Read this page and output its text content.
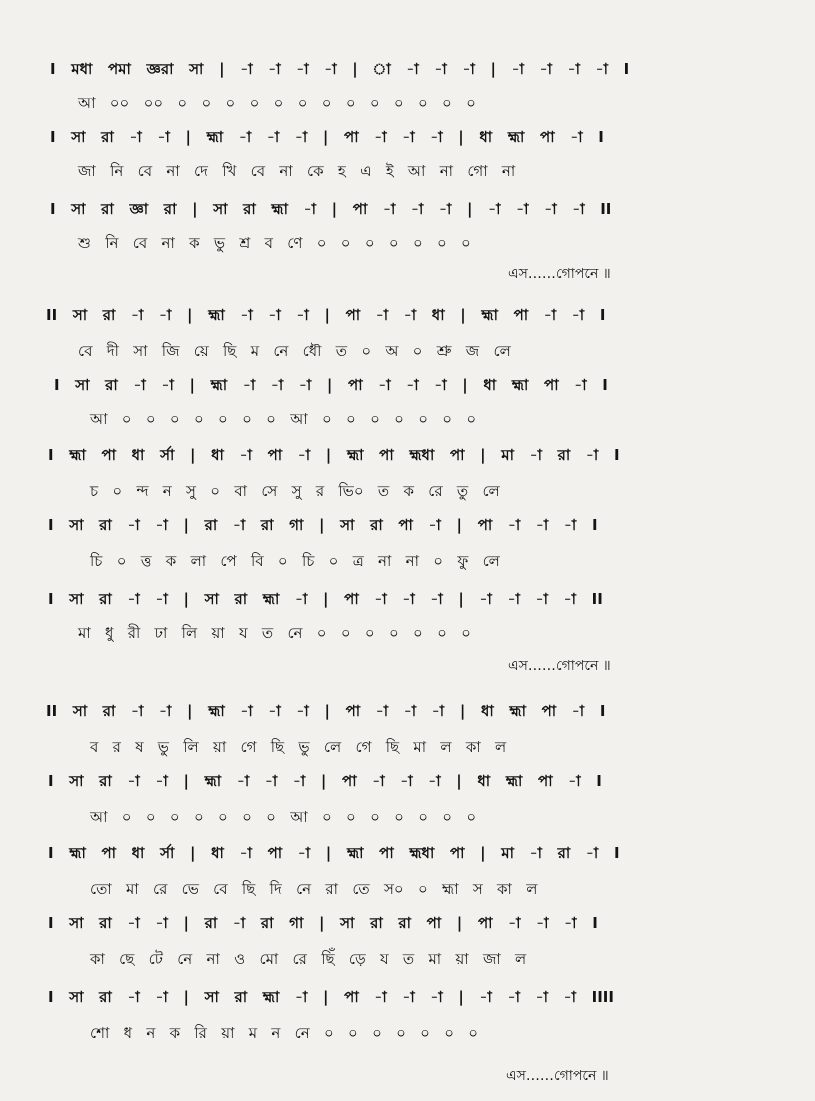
I   মধা   পমা   জ্ঞরা   সা   |   -া   -া   -া   -া   |   া   -া   -া   -া   |   -া   -া   -া   -া   I
আ   ০০   ০০   ০   ০   ০   ০   ০   ০   ০   ০   ০   ০   ০   ০   ০
I   সা   রা   -া   -া   |   হ্মা   -া   -া   -া   |   পা   -া   -া   -া   |   ধা   হ্মা   পা   -া   I
জা   নি   বে   না   দে   খি   বে   না   কে   হ   এ   ই   আ   না   গো   না
I   সা   রা   জ্ঞা   রা   |   সা   রা   হ্মা   -া   |   পা   -া   -া   -া   |   -া   -া   -া   -া   II
শু   নি   বে   না   ক   ভু   শ্র   ব   ণে   ০   ০   ০   ০   ০   ০   ০
এস……গোপনে ॥
II   সা   রা   -া   -া   |   হ্মা   -া   -া   -া   |   পা   -া   -া   ধা   |   হ্মা   পা   -া   -া   I
বে   দী   সা   জি   য়ে   ছি   ম   নে   ধৌ   ত   ০   অ   ০   শ্রু   জ   লে
I   সা   রা   -া   -া   |   হ্মা   -া   -া   -া   |   পা   -া   -া   -া   |   ধা   হ্মা   পা   -া   I
আ   ০   ০   ০   ০   ০   ০   ০   আ   ০   ০   ০   ০   ০   ০   ০
I   হ্মা   পা   ধা   র্সা   |   ধা   -া   পা   -া   |   হ্মা   পা   হ্মধা   পা   |   মা   -া   রা   -া   I
চ   ০   ন্দ   ন   সু   ০   বা   সে   সু   র   ভি০   ত   ক   রে   তু   লে
I   সা   রা   -া   -া   |   রা   -া   রা   গা   |   সা   রা   পা   -া   |   পা   -া   -া   -া   I
চি   ০   ত্ত   ক   লা   পে   বি   ০   চি   ০   ত্র   না   না   ০   ফু   লে
I   সা   রা   -া   -া   |   সা   রা   হ্মা   -া   |   পা   -া   -া   -া   |   -া   -া   -া   -া   II
মা   ধু   রী   ঢা   লি   য়া   য   ত   নে   ০   ০   ০   ০   ০   ০   ০
এস……গোপনে ॥
II   সা   রা   -া   -া   |   হ্মা   -া   -া   -া   |   পা   -া   -া   -া   |   ধা   হ্মা   পা   -া   I
ব   র   ষ   ভু   লি   য়া   গে   ছি   ভু   লে   গে   ছি   মা   ল   কা   ল
I   সা   রা   -া   -া   |   হ্মা   -া   -া   -া   |   পা   -া   -া   -া   |   ধা   হ্মা   পা   -া   I
আ   ০   ০   ০   ০   ০   ০   ০   আ   ০   ০   ০   ০   ০   ০   ০
I   হ্মা   পা   ধা   র্সা   |   ধা   -া   পা   -া   |   হ্মা   পা   হ্মধা   পা   |   মা   -া   রা   -া   I
তো   মা   রে   ভে   বে   ছি   দি   নে   রা   তে   স০   ০   হ্মা   স   কা   ল
I   সা   রা   -া   -া   |   রা   -া   রা   গা   |   সা   রা   রা   পা   |   পা   -া   -া   -া   I
কা   ছে   টে   নে   না   ও   মো   রে   ছিঁ   ড়ে   য   ত   মা   য়া   জা   ল
I   সা   রা   -া   -া   |   সা   রা   হ্মা   -া   |   পা   -া   -া   -া   |   -া   -া   -া   -া   IIII
শো   ধ   ন   ক   রি   য়া   ম   ন   নে   ০   ০   ০   ০   ০   ০   ০
এস……গোপনে ॥
